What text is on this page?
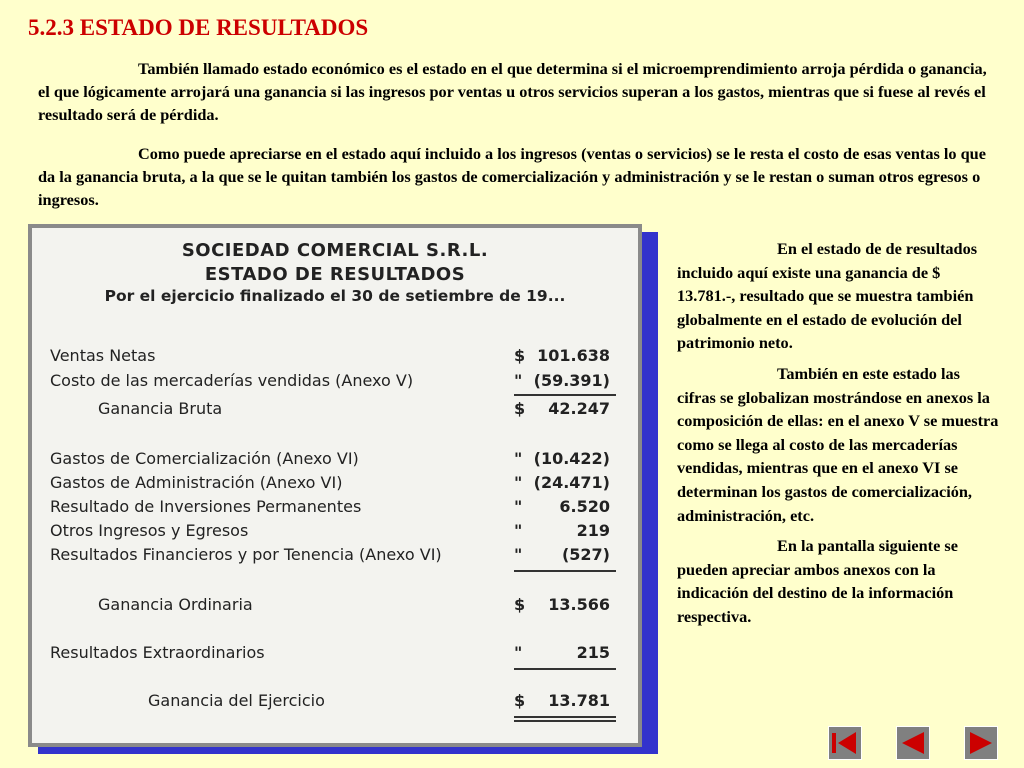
5.2.3 ESTADO DE RESULTADOS

También llamado estado económico es el estado en el que determina si el microemprendimiento arroja pérdida o ganancia, el que lógicamente arrojará una ganancia si las ingresos por ventas u otros servicios superan a los gastos, mientras que si fuese al revés el resultado será de pérdida.

Como puede apreciarse en el estado aquí incluido a los ingresos (ventas o servicios) se le resta el costo de esas ventas lo que da la ganancia bruta, a la que se le quitan también los gastos de comercialización y administración y se le restan o suman otros egresos o ingresos.

SOCIEDAD COMERCIAL S.R.L.

ESTADO DE RESULTADOS

Por el ejercicio finalizado el 30 de setiembre de 19...

Ventas Netas	$ 101.638
Costo de las mercaderías vendidas (Anexo V)	" (59.391)
Ganancia Bruta	$ 42.247
Gastos de Comercialización (Anexo VI)	" (10.422)
Gastos de Administración (Anexo VI)	" (24.471)
Resultado de Inversiones Permanentes	" 6.520
Otros Ingresos y Egresos	"	219
Resultados Financieros y por Tenencia (Anexo VI)	" (527)
Ganancia Ordinaria	$ 13.566
Resultados Extraordinarios	"	215
Ganancia del Ejercicio	$ 13.781

En el estado de de resultados incluido aquí existe una ganancia de $ 13.781.-, resultado que se muestra también globalmente en el estado de evolución del patrimonio neto.

También en este estado las cifras se globalizan mostrándose en anexos la composición de ellas: en el anexo V se muestra como se llega al costo de las mercaderías vendidas, mientras que en el anexo VI se determinan los gastos de comercialización, administración, etc.

En la pantalla siguiente se pueden apreciar ambos anexos con la indicación del destino de la información respectiva.
